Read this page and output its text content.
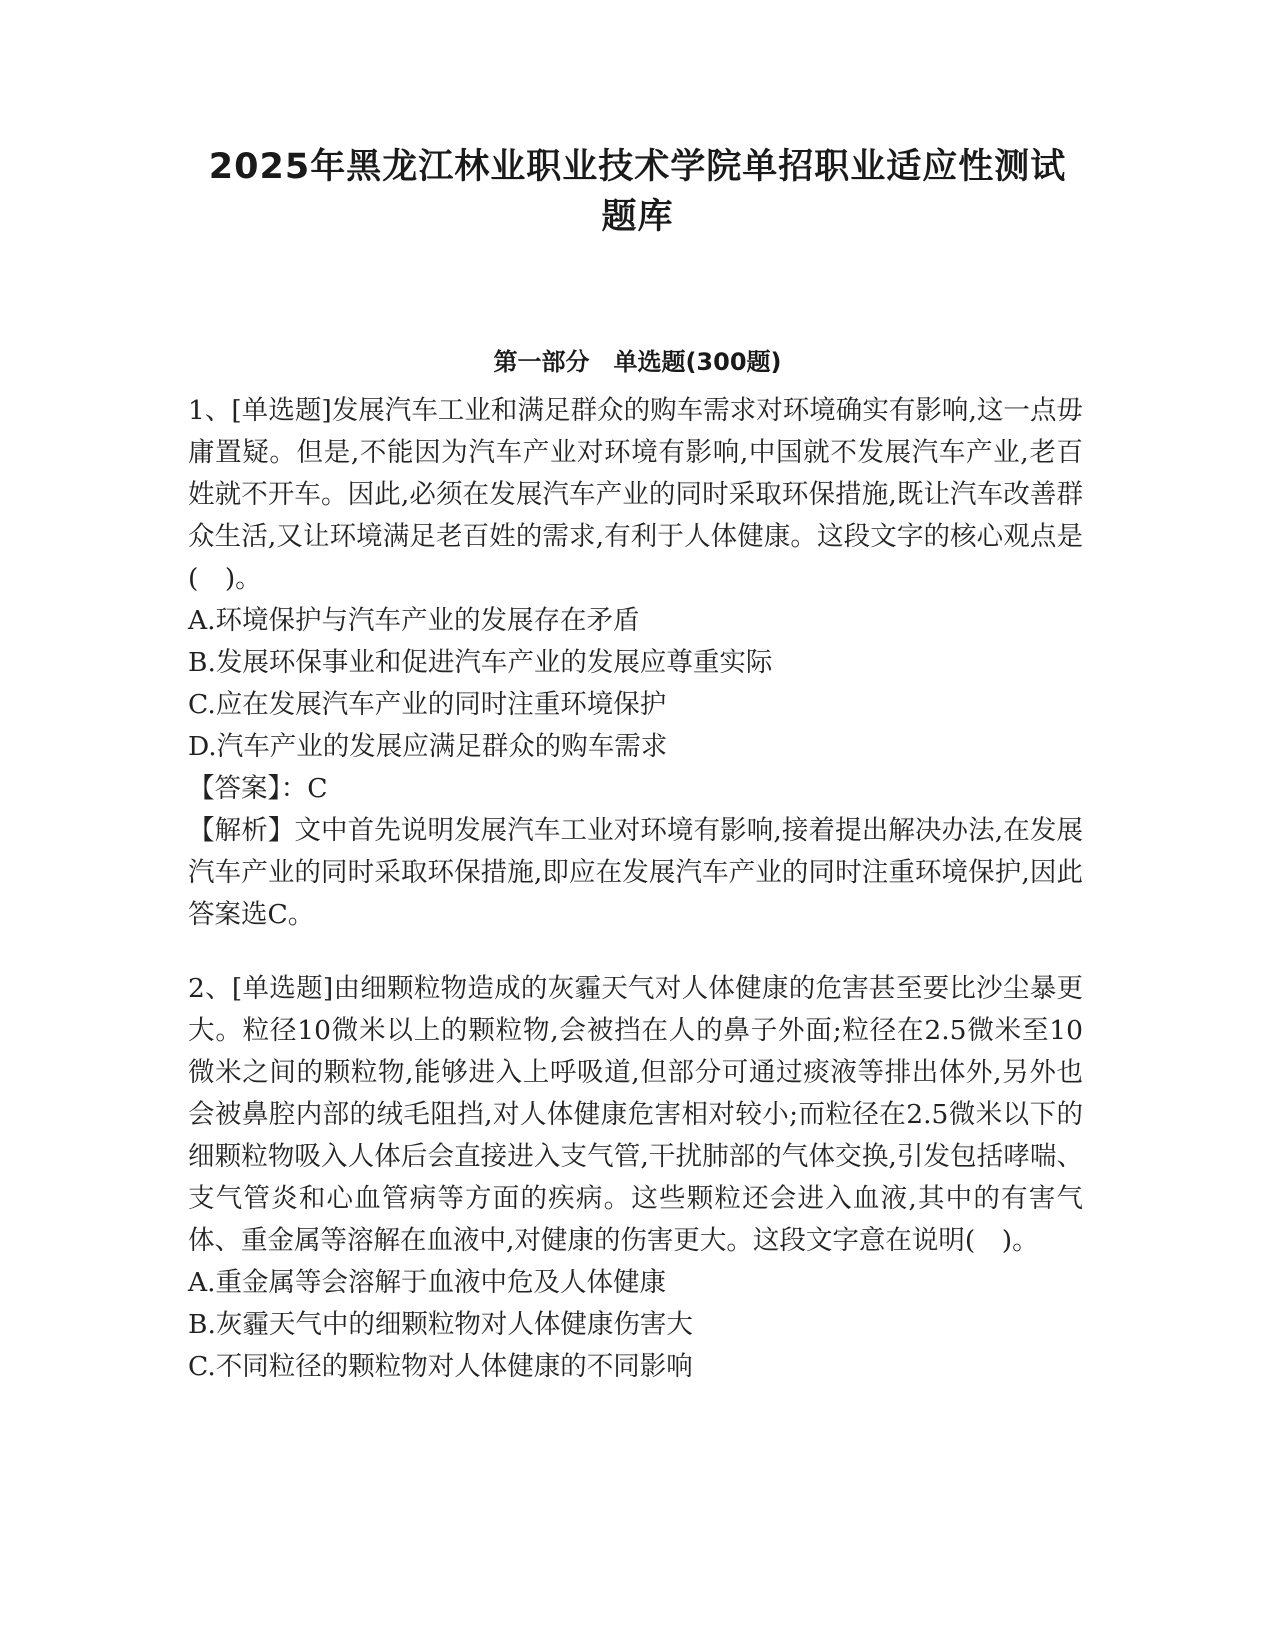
2025年黑龙江林业职业技术学院单招职业适应性测试
题库
第一部分　单选题(300题)
1、[单选题]发展汽车工业和满足群众的购车需求对环境确实有影响,这一点毋庸置疑。但是,不能因为汽车产业对环境有影响,中国就不发展汽车产业,老百姓就不开车。因此,必须在发展汽车产业的同时采取环保措施,既让汽车改善群众生活,又让环境满足老百姓的需求,有利于人体健康。这段文字的核心观点是(　)。
A.环境保护与汽车产业的发展存在矛盾
B.发展环保事业和促进汽车产业的发展应尊重实际
C.应在发展汽车产业的同时注重环境保护
D.汽车产业的发展应满足群众的购车需求
【答案】：C
【解析】文中首先说明发展汽车工业对环境有影响,接着提出解决办法,在发展汽车产业的同时采取环保措施,即应在发展汽车产业的同时注重环境保护,因此答案选C。
2、[单选题]由细颗粒物造成的灰霾天气对人体健康的危害甚至要比沙尘暴更大。粒径10微米以上的颗粒物,会被挡在人的鼻子外面;粒径在2.5微米至10微米之间的颗粒物,能够进入上呼吸道,但部分可通过痰液等排出体外,另外也会被鼻腔内部的绒毛阻挡,对人体健康危害相对较小;而粒径在2.5微米以下的细颗粒物吸入人体后会直接进入支气管,干扰肺部的气体交换,引发包括哮喘、支气管炎和心血管病等方面的疾病。这些颗粒还会进入血液,其中的有害气体、重金属等溶解在血液中,对健康的伤害更大。这段文字意在说明(　)。
A.重金属等会溶解于血液中危及人体健康
B.灰霾天气中的细颗粒物对人体健康伤害大
C.不同粒径的颗粒物对人体健康的不同影响
